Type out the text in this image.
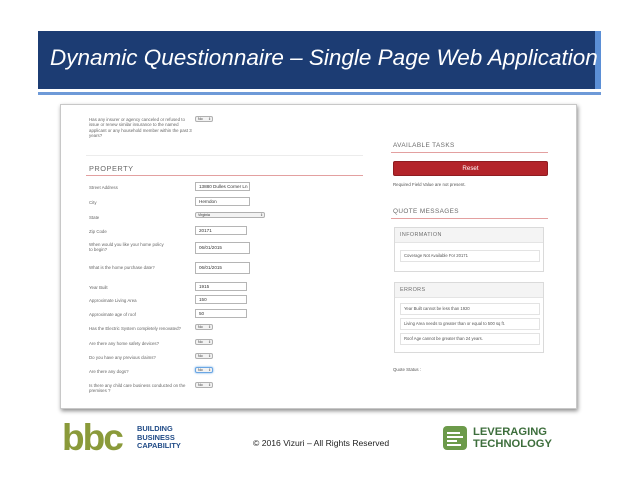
Dynamic Questionnaire – Single Page Web Application
Has any insurer or agency canceled or refused to issue or renew similar insurance to the named applicant or any household member within the past 3 years?
No ⇕
PROPERTY
Street Address	13880 Dulles Corner Ln
City	Herndon
State	Virginia	⇕
Zip Code	20171
When would you like your home policy to begin?	06/01/2015
What is the home purchase date?	06/01/2015
Year Built	1915
Approximate Living Area	150
Approximate age of roof	50
Has the Electric System completely renovated?	No ⇕
Are there any home safety devices?	No ⇕
Do you have any previous claims?	No ⇕
Are there any dogs?	No ⇕
Is there any child care business conducted on the premises ?
No ⇕
AVAILABLE TASKS
Reset
Required Field Value are not present.
QUOTE MESSAGES
INFORMATION
Coverage Not Available For 20171
ERRORS
Year Built cannot be less than 1920
Living Area needs to greater than or equal to 500 sq ft.
Roof Age cannot be greater than 24 years.
Quote Status :
bbc BUILDING
BUSINESS
CAPABILITY	© 2016 Vizuri – All Rights Reserved
LEVERAGING
TECHNOLOGY
